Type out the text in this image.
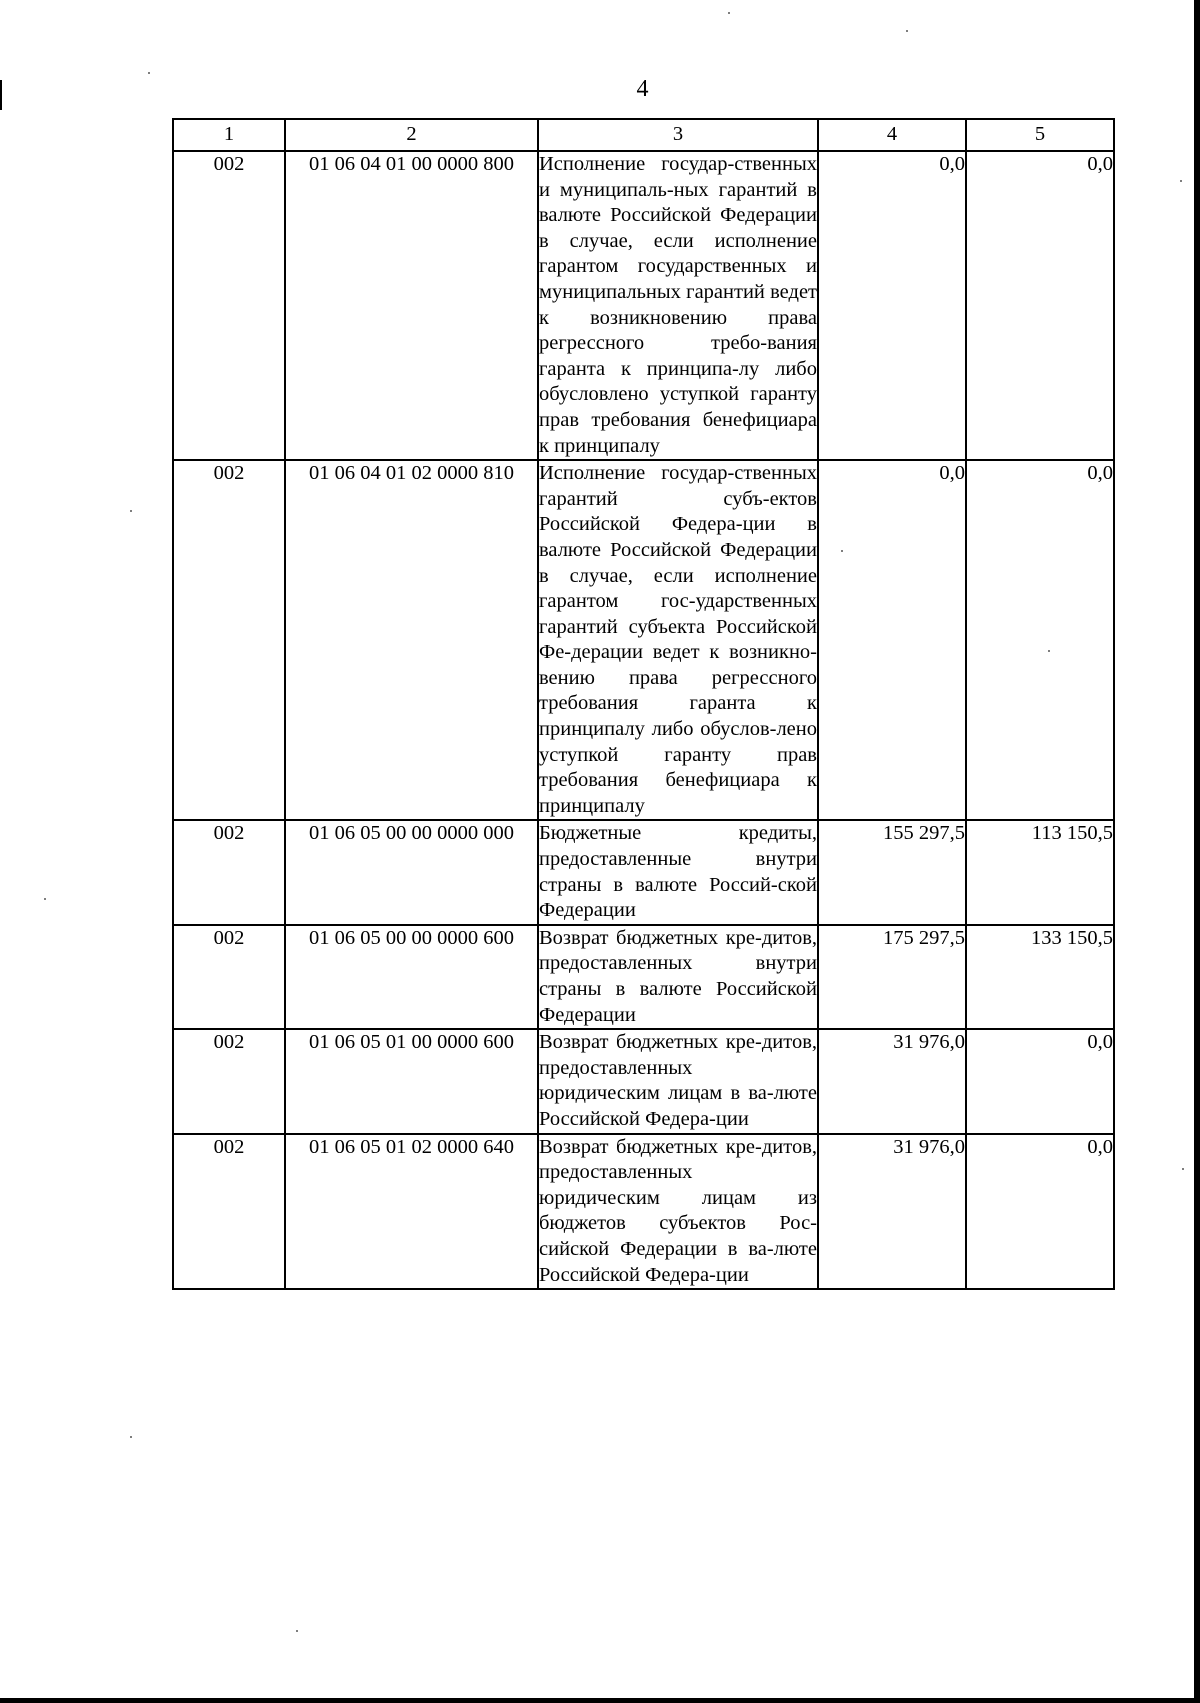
4
1	2	3	4	5
002	01 06 04 01 00 0000 800	Исполнение государ-ственных и муниципаль-ных гарантий в валюте Российской Федерации в случае, если исполнение гарантом государственных и муниципальных гарантий ведет к возникновению права регрессного требо-вания гаранта к принципа-лу либо обусловлено уступкой гаранту прав требования бенефициара к принципалу	0,0	0,0
002	01 06 04 01 02 0000 810	Исполнение государ-ственных гарантий субъ-ектов Российской Федера-ции в валюте Российской Федерации в случае, если исполнение гарантом гос-ударственных гарантий субъекта Российской Фе-дерации ведет к возникно-вению права регрессного требования гаранта к принципалу либо обуслов-лено уступкой гаранту прав требования бенефициара к принципалу	0,0	0,0
002	01 06 05 00 00 0000 000	Бюджетные кредиты, предоставленные внутри страны в валюте Россий-ской Федерации	155 297,5	113 150,5
002	01 06 05 00 00 0000 600	Возврат бюджетных кре-дитов, предоставленных внутри страны в валюте Российской Федерации	175 297,5	133 150,5
002	01 06 05 01 00 0000 600	Возврат бюджетных кре-дитов, предоставленных юридическим лицам в ва-люте Российской Федера-ции	31 976,0	0,0
002	01 06 05 01 02 0000 640	Возврат бюджетных кре-дитов, предоставленных юридическим лицам из бюджетов субъектов Рос-сийской Федерации в ва-люте Российской Федера-ции	31 976,0	0,0
